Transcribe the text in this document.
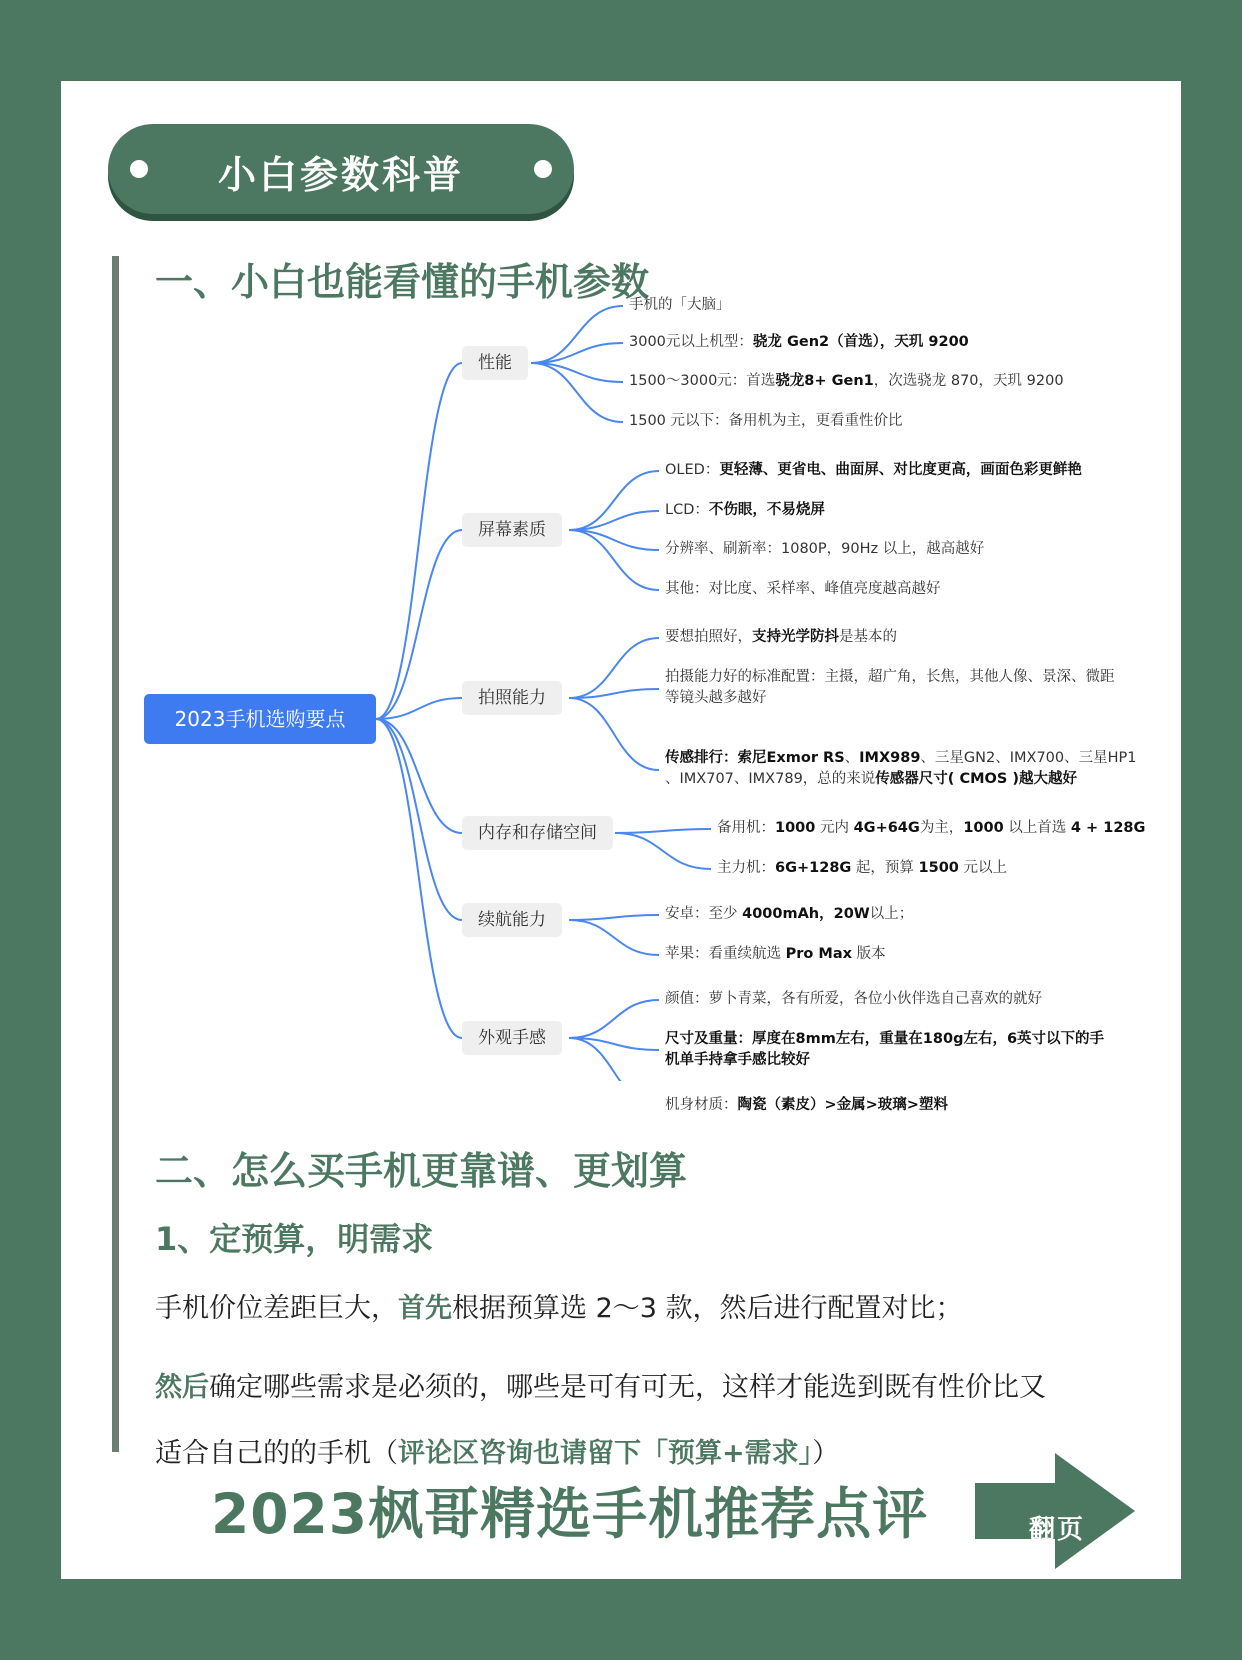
小白参数科普
一、小白也能看懂的手机参数
2023手机选购要点
性能
手机的「大脑」
3000元以上机型：骁龙 Gen2（首选），天玑 9200
1500～3000元：首选骁龙8+ Gen1，次选骁龙 870，天玑 9200
1500 元以下：备用机为主，更看重性价比
屏幕素质
OLED：更轻薄、更省电、曲面屏、对比度更高，画面色彩更鲜艳
LCD：不伤眼，不易烧屏
分辨率、刷新率：1080P，90Hz 以上，越高越好
其他：对比度、采样率、峰值亮度越高越好
拍照能力
要想拍照好，支持光学防抖是基本的
拍摄能力好的标准配置：主摄，超广角，长焦，其他人像、景深、微距
等镜头越多越好
传感排行：索尼Exmor RS、IMX989、三星GN2、IMX700、三星HP1
、IMX707、IMX789，总的来说传感器尺寸( CMOS )越大越好
内存和存储空间	备用机：1000 元内 4G+64G为主，1000 以上首选 4 + 128G
主力机：6G+128G 起，预算 1500 元以上
续航能力	安卓：至少 4000mAh，20W以上；
苹果：看重续航选 Pro Max 版本
外观手感
颜值：萝卜青菜，各有所爱，各位小伙伴选自己喜欢的就好
尺寸及重量：厚度在8mm左右，重量在180g左右，6英寸以下的手
机单手持拿手感比较好
机身材质：陶瓷（素皮）>金属>玻璃>塑料
二、怎么买手机更靠谱、更划算
1、定预算，明需求
手机价位差距巨大，首先根据预算选 2～3 款，然后进行配置对比；
然后确定哪些需求是必须的，哪些是可有可无，这样才能选到既有性价比又
适合自己的的手机（评论区咨询也请留下「预算+需求」）
2023枫哥精选手机推荐点评	翻页
